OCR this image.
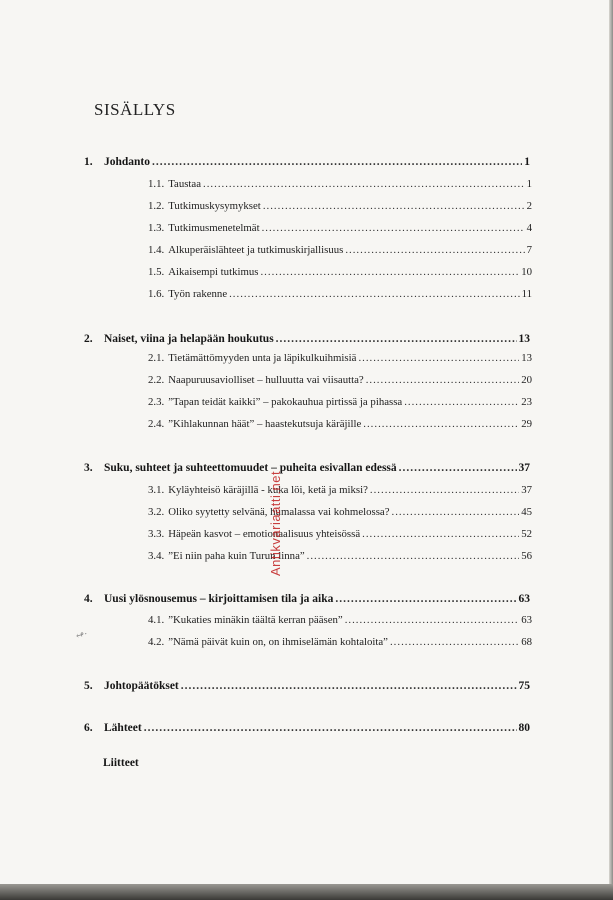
SISÄLLYS
1. Johdanto .....	1
1.1. Taustaa .....	1
1.2. Tutkimuskysymykset .....	2
1.3. Tutkimusmenetelmät .....	4
1.4. Alkuperäislähteet ja tutkimuskirjallisuus .....	7
1.5. Aikaisempi tutkimus .....	10
1.6. Työn rakenne .....	11
2. Naiset, viina ja helapään houkutus .....	13
2.1. Tietämättömyyden unta ja läpikulkuihmisiä .....	13
2.2. Naapuruusaviolliset – hulluutta vai viisautta? .....	20
2.3. ”Tapan teidät kaikki” – pakokauhua pirtissä ja pihassa .....	23
2.4. ”Kihlakunnan häät” – haastekutsuja käräjille .....	29
3. Suku, suhteet ja suhteettomuudet – puheita esivallan edessä .....	37
3.1. Kyläyhteisö käräjillä - kuka löi, ketä ja miksi? .....	37
3.2. Oliko syytetty selvänä, humalassa vai kohmelossa? .....	45
3.3. Häpeän kasvot – emotionaalisuus yhteisössä .....	52
3.4. ”Ei niin paha kuin Turun linna” .....	56
4. Uusi ylösnousemus – kirjoittamisen tila ja aika .....	63
4.1. ”Kukaties minäkin täältä kerran pääsen” .....	63
4.2. ”Nämä päivät kuin on, on ihmiselämän kohtaloita” .....	68
5. Johtopäätökset .....	75
6. Lähteet .....	80
Liitteet
↫·
Antikvariaatti.net
